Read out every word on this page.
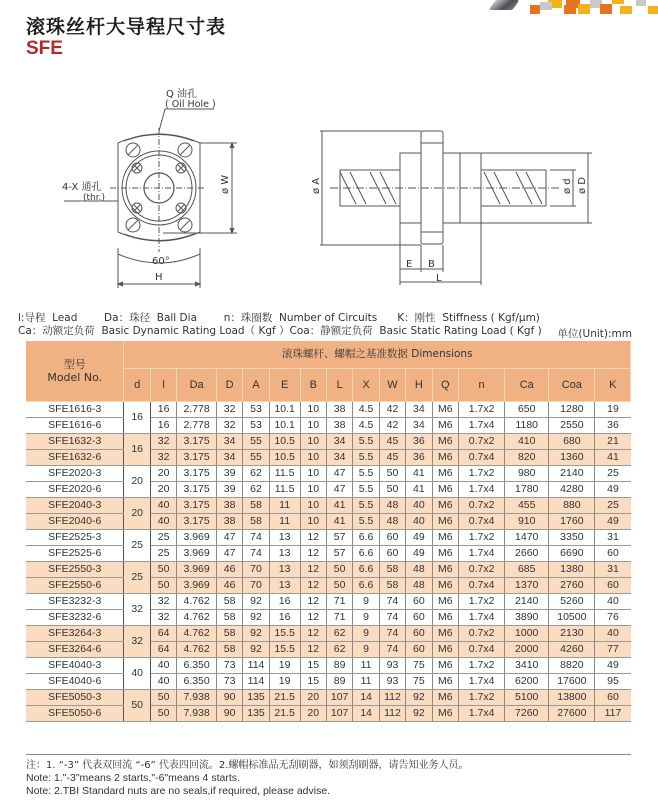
滚珠丝杆大导程尺寸表
SFE
Q 油孔
( Oil Hole )
4-X 通孔
(thr.)
60°
H
ø W	ø A	ø d ø D
E B
L
l:导程  Lead        Da：珠径  Ball Dia        n：珠圈数  Number of Circuits      K：刚性  Stiffness ( Kgf/μm)
Ca：动额定负荷  Basic Dynamic Rating Load（ Kgf ）Coa：静额定负荷  Basic Static Rating Load ( Kgf ) 单位(Unit):mm
型号
Model No.	滚珠螺杆、螺帽之基准数据 Dimensions															
	d	l	Da	D	A	E	B	L	X	W	H	Q	n	Ca	Coa	K
SFE1616-3	16	16	2.778	32	53	10.1	10	38	4.5	42	34	M6	1.7x2	650	1280	19
SFE1616-6		16	2.778	32	53	10.1	10	38	4.5	42	34	M6	1.7x4	1180	2550	36
SFE1632-3	16	32	3.175	34	55	10.5	10	34	5.5	45	36	M6	0.7x2	410	680	21
SFE1632-6		32	3.175	34	55	10.5	10	34	5.5	45	36	M6	0.7x4	820	1360	41
SFE2020-3	20	20	3.175	39	62	11.5	10	47	5.5	50	41	M6	1.7x2	980	2140	25
SFE2020-6		20	3.175	39	62	11.5	10	47	5.5	50	41	M6	1.7x4	1780	4280	49
SFE2040-3	20	40	3.175	38	58	11	10	41	5.5	48	40	M6	0.7x2	455	880	25
SFE2040-6		40	3.175	38	58	11	10	41	5.5	48	40	M6	0.7x4	910	1760	49
SFE2525-3	25	25	3.969	47	74	13	12	57	6.6	60	49	M6	1.7x2	1470	3350	31
SFE2525-6		25	3.969	47	74	13	12	57	6.6	60	49	M6	1.7x4	2660	6690	60
SFE2550-3	25	50	3.969	46	70	13	12	50	6.6	58	48	M6	0.7x2	685	1380	31
SFE2550-6		50	3.969	46	70	13	12	50	6.6	58	48	M6	0.7x4	1370	2760	60
SFE3232-3	32	32	4.762	58	92	16	12	71	9	74	60	M6	1.7x2	2140	5260	40
SFE3232-6		32	4.762	58	92	16	12	71	9	74	60	M6	1.7x4	3890	10500	76
SFE3264-3	32	64	4.762	58	92	15.5	12	62	9	74	60	M6	0.7x2	1000	2130	40
SFE3264-6		64	4.762	58	92	15.5	12	62	9	74	60	M6	0.7x4	2000	4260	77
SFE4040-3	40	40	6.350	73	114	19	15	89	11	93	75	M6	1.7x2	3410	8820	49
SFE4040-6		40	6.350	73	114	19	15	89	11	93	75	M6	1.7x4	6200	17600	95
SFE5050-3	50	50	7.938	90	135	21.5	20	107	14	112	92	M6	1.7x2	5100	13800	60
SFE5050-6		50	7.938	90	135	21.5	20	107	14	112	92	M6	1.7x4	7260	27600	117
注：1. “-3” 代表双回流 “-6” 代表四回流。2.螺帽标准品无刮刷器，如须刮刷器，请告知业务人员。
Note: 1."-3"means 2 starts,"-6"means 4 starts.
Note: 2.TBI Standard nuts are no seals,if required, please advise.
